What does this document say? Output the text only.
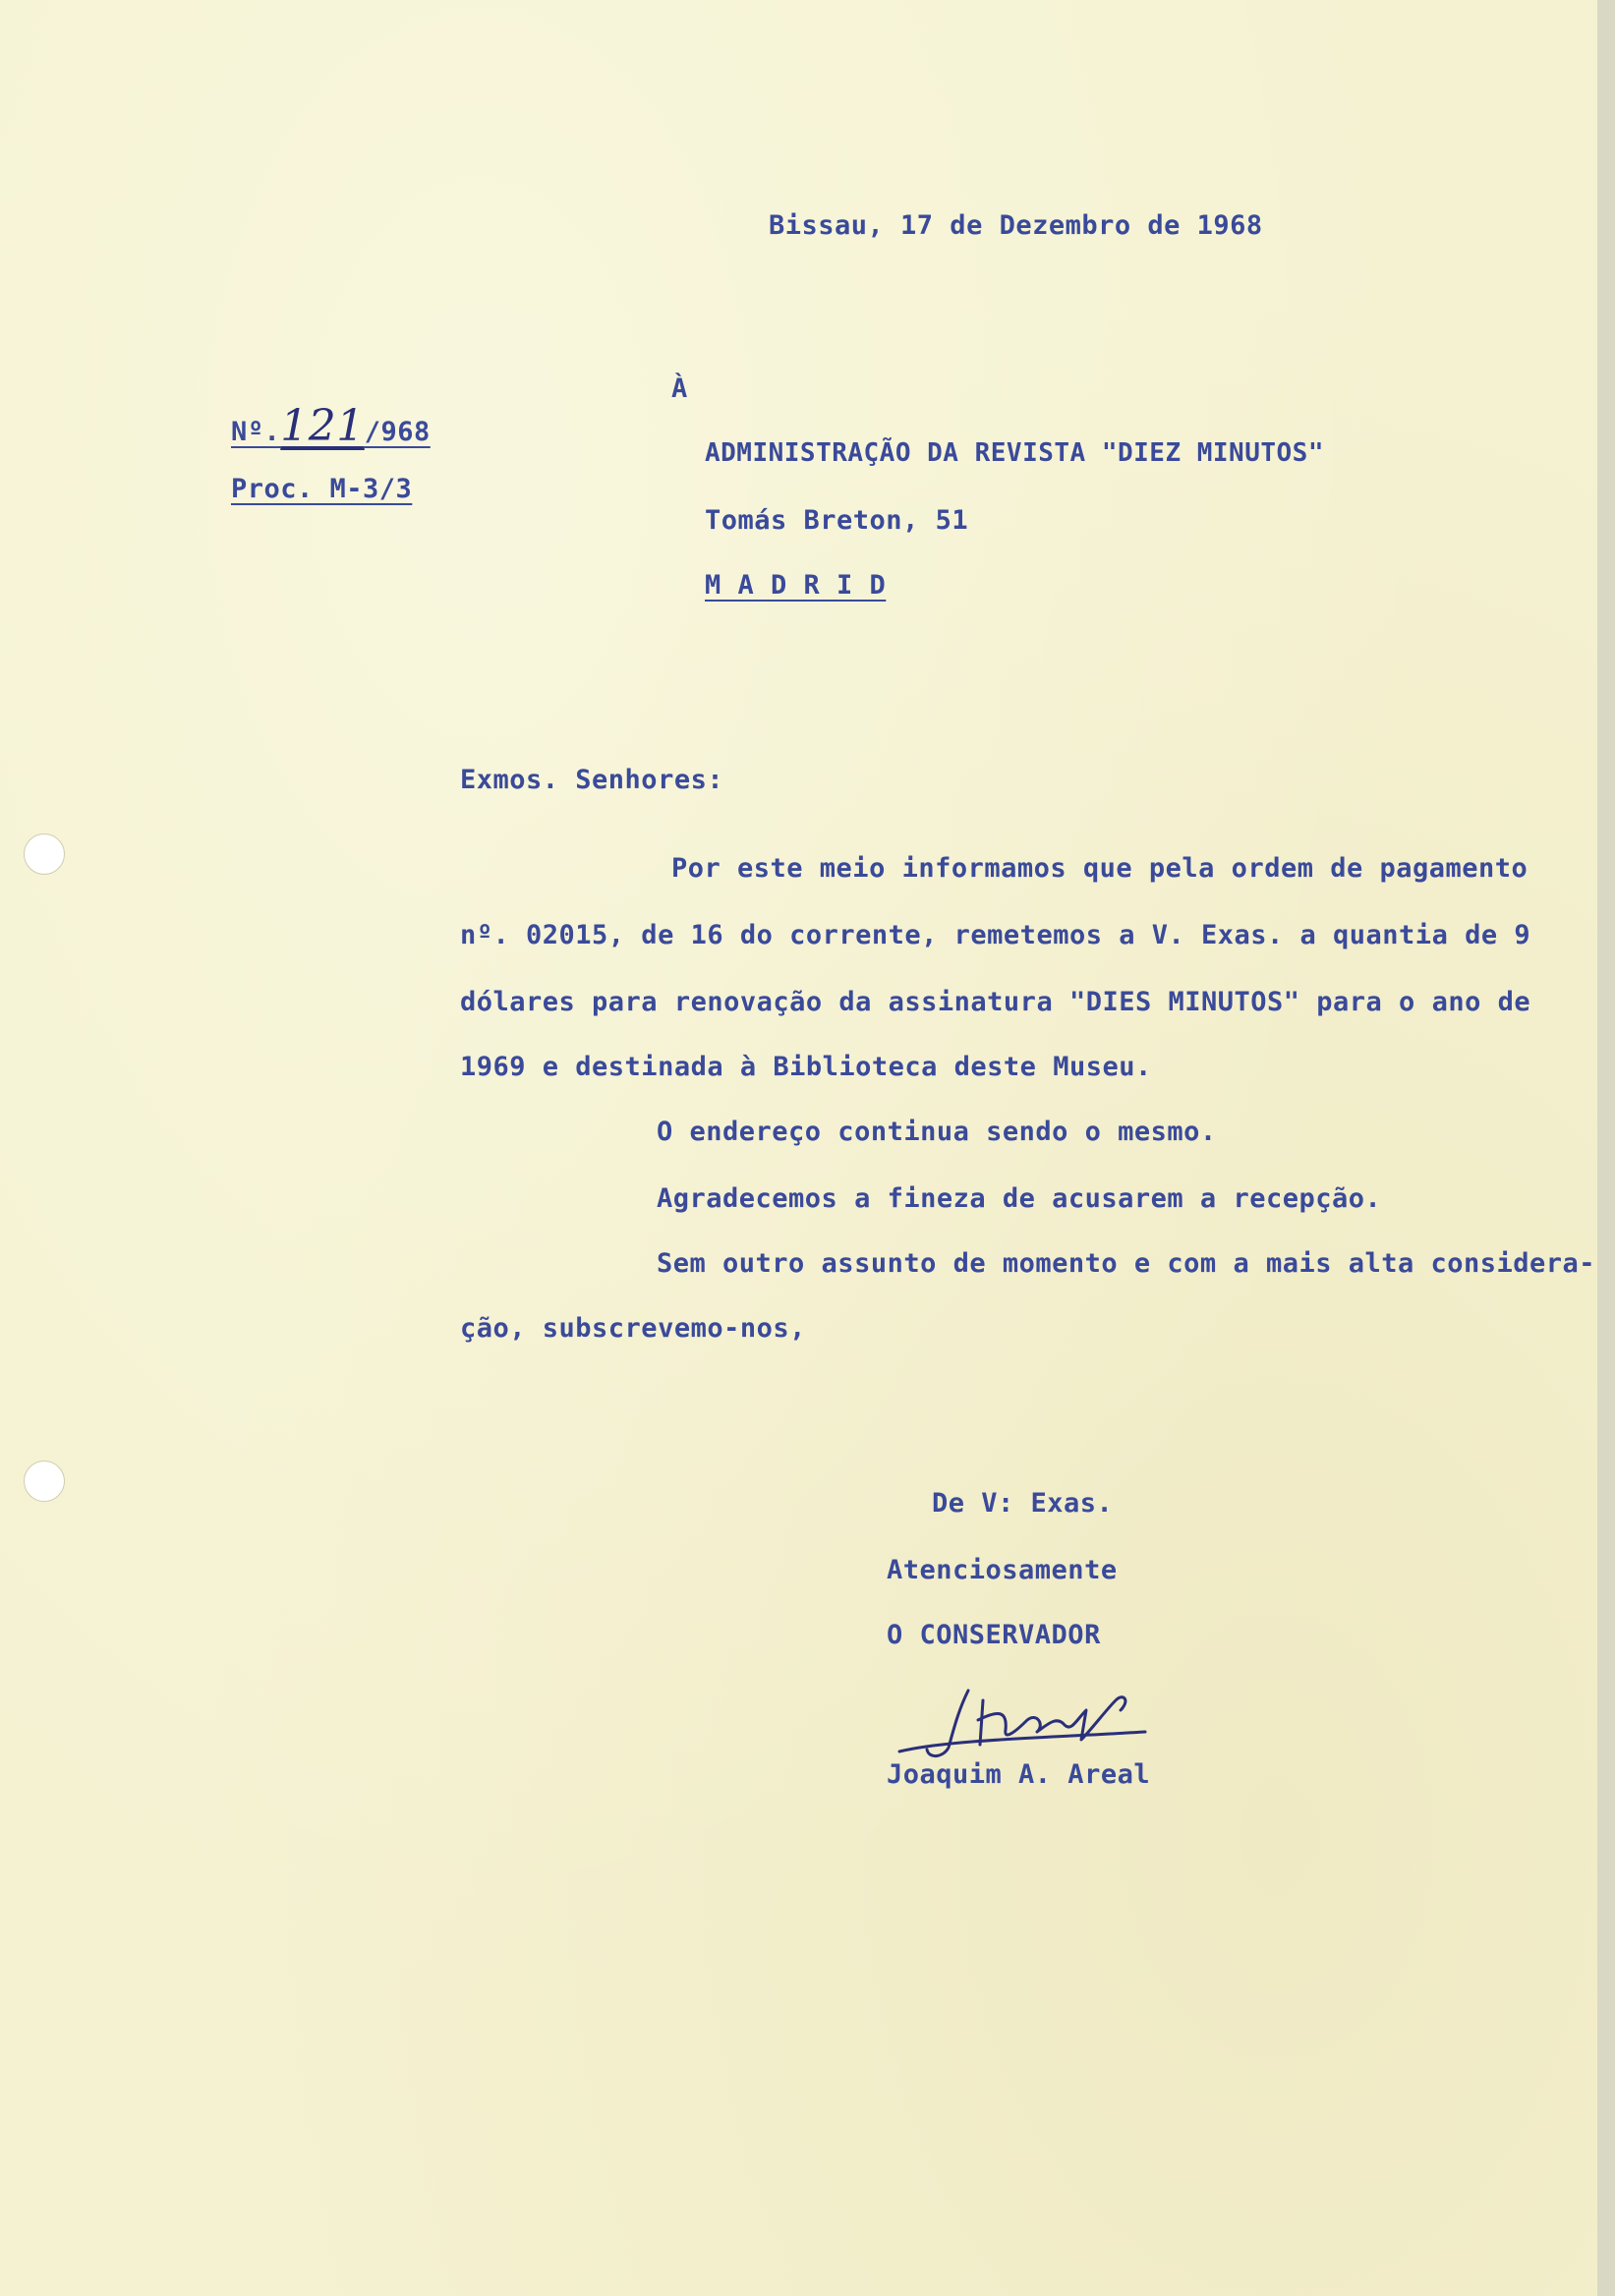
Bissau, 17 de Dezembro de 1968
Nº.121/968
Proc. M-3/3
À
ADMINISTRAÇÃO DA REVISTA "DIEZ MINUTOS"
Tomás Breton, 51
M A D R I D
Exmos. Senhores:
Por este meio informamos que pela ordem de pagamento
nº. 02015, de 16 do corrente, remetemos a V. Exas. a quantia de 9
dólares para renovação da assinatura "DIES MINUTOS" para o ano de
1969 e destinada à Biblioteca deste Museu.
O endereço continua sendo o mesmo.
Agradecemos a fineza de acusarem a recepção.
Sem outro assunto de momento e com a mais alta considera-
ção, subscrevemo-nos,
De V: Exas.
Atenciosamente
O CONSERVADOR
Joaquim A. Areal
